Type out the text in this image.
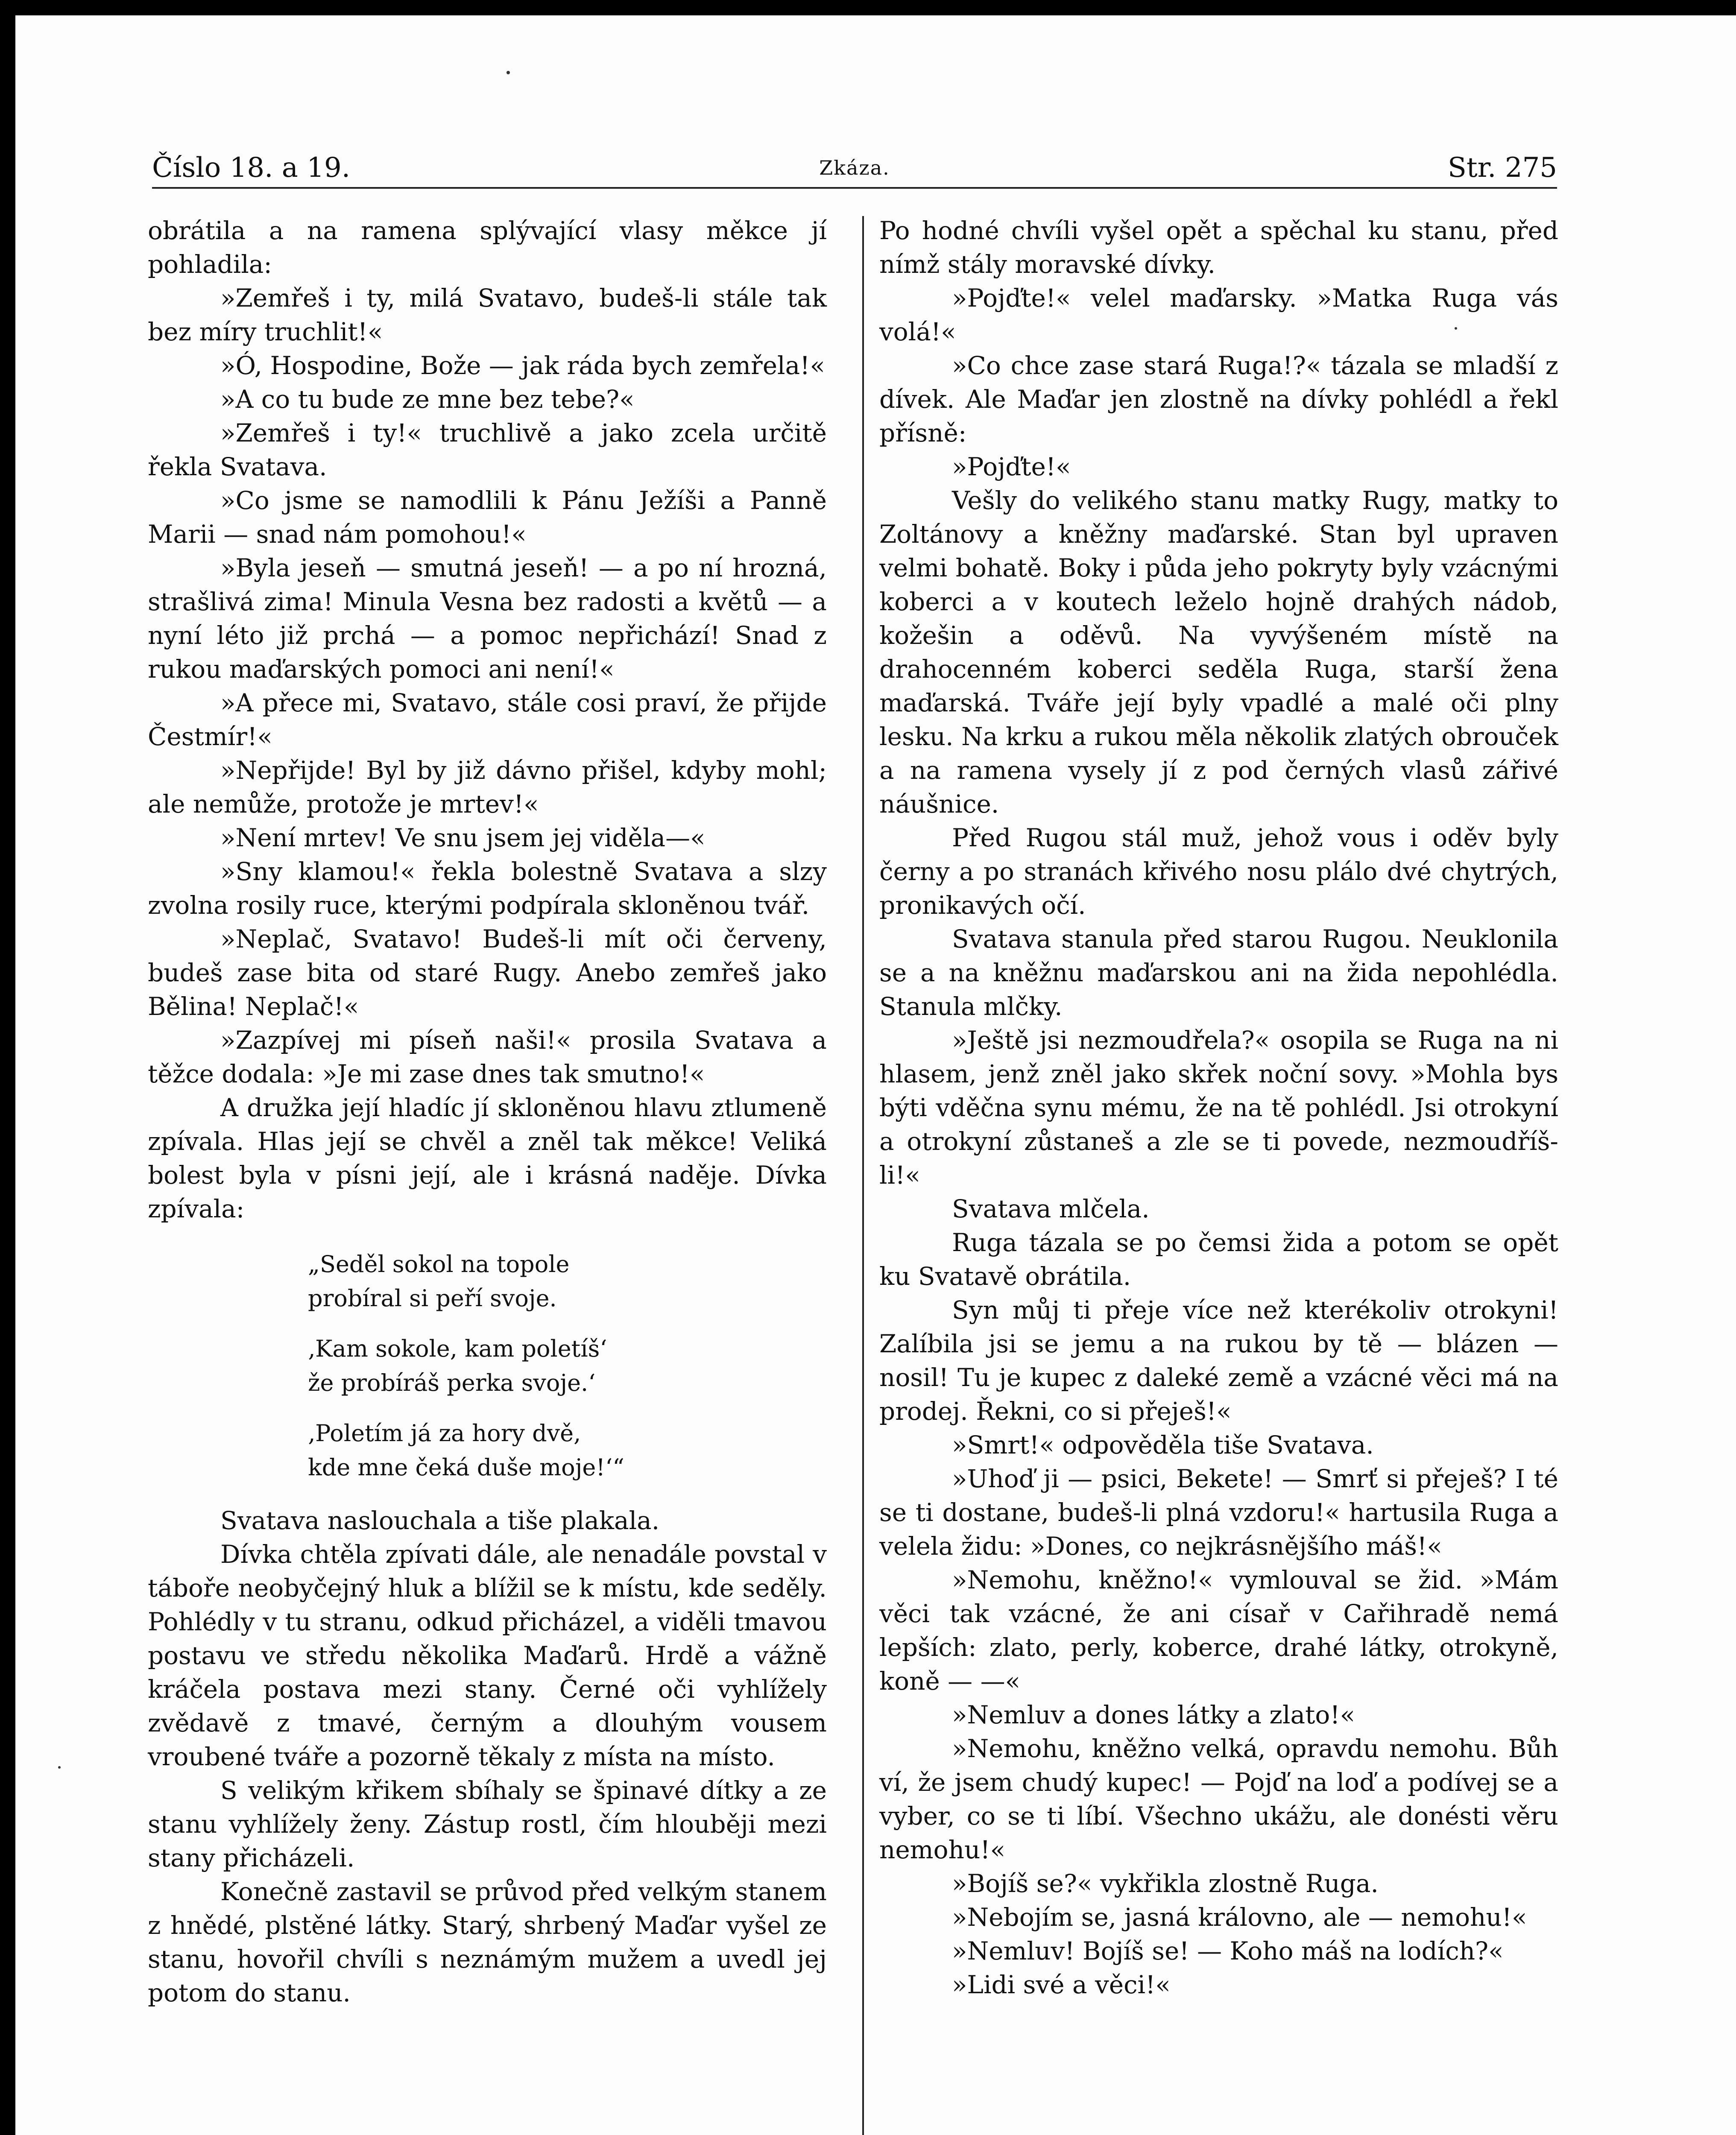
Číslo 18. a 19.	Zkáza.	Str. 275

obrátila a na ramena splývající vlasy měkce jí pohladila:

»Zemřeš i ty, milá Svatavo, budeš-li stále tak bez míry truchlit!«

»Ó, Hospodine, Bože — jak ráda bych zemřela!«

»A co tu bude ze mne bez tebe?«

»Zemřeš i ty!« truchlivě a jako zcela určitě řekla Svatava.

»Co jsme se namodlili k Pánu Ježíši a Panně Marii — snad nám pomohou!«

»Byla jeseň — smutná jeseň! — a po ní hrozná, strašlivá zima! Minula Vesna bez radosti a květů — a nyní léto již prchá — a pomoc nepřichází! Snad z rukou maďarských pomoci ani není!«

»A přece mi, Svatavo, stále cosi praví, že přijde Čestmír!«

»Nepřijde! Byl by již dávno přišel, kdyby mohl; ale nemůže, protože je mrtev!«

»Není mrtev! Ve snu jsem jej viděla—«

»Sny klamou!« řekla bolestně Svatava a slzy zvolna rosily ruce, kterými podpírala skloněnou tvář.

»Neplač, Svatavo! Budeš-li mít oči červeny, budeš zase bita od staré Rugy. Anebo zemřeš jako Bělina! Neplač!«

»Zazpívej mi píseň naši!« prosila Svatava a těžce dodala: »Je mi zase dnes tak smutno!«

A družka její hladíc jí skloněnou hlavu ztlumeně zpívala. Hlas její se chvěl a zněl tak měkce! Veliká bolest byla v písni její, ale i krásná naděje. Dívka zpívala:

„Seděl sokol na topole
probíral si peří svoje.
‚Kam sokole, kam poletíš‘
že probíráš perka svoje.‘
‚Poletím já za hory dvě,
kde mne čeká duše moje!‘“

Svatava naslouchala a tiše plakala.

Dívka chtěla zpívati dále, ale nenadále povstal v táboře neobyčejný hluk a blížil se k místu, kde seděly. Pohlédly v tu stranu, odkud přicházel, a viděli tmavou postavu ve středu několika Maďarů. Hrdě a vážně kráčela postava mezi stany. Černé oči vyhlížely zvědavě z tmavé, černým a dlouhým vousem vroubené tváře a pozorně těkaly z místa na místo.

S velikým křikem sbíhaly se špinavé dítky a ze stanu vyhlížely ženy. Zástup rostl, čím hlouběji mezi stany přicházeli.

Konečně zastavil se průvod před velkým stanem z hnědé, plstěné látky. Starý, shrbený Maďar vyšel ze stanu, hovořil chvíli s neznámým mužem a uvedl jej potom do stanu.

Po hodné chvíli vyšel opět a spěchal ku stanu, před nímž stály moravské dívky.

»Pojďte!« velel maďarsky. »Matka Ruga vás volá!«

»Co chce zase stará Ruga!?« tázala se mladší z dívek. Ale Maďar jen zlostně na dívky pohlédl a řekl přísně:

»Pojďte!«

Vešly do velikého stanu matky Rugy, matky to Zoltánovy a kněžny maďarské. Stan byl upraven velmi bohatě. Boky i půda jeho pokryty byly vzácnými koberci a v koutech leželo hojně drahých nádob, kožešin a oděvů. Na vyvýšeném místě na drahocenném koberci seděla Ruga, starší žena maďarská. Tváře její byly vpadlé a malé oči plny lesku. Na krku a rukou měla několik zlatých obrouček a na ramena vysely jí z pod černých vlasů zářivé náušnice.

Před Rugou stál muž, jehož vous i oděv byly černy a po stranách křivého nosu plálo dvé chytrých, pronikavých očí.

Svatava stanula před starou Rugou. Neuklonila se a na kněžnu maďarskou ani na žida nepohlédla. Stanula mlčky.

»Ještě jsi nezmoudřela?« osopila se Ruga na ni hlasem, jenž zněl jako skřek noční sovy. »Mohla bys býti vděčna synu mému, že na tě pohlédl. Jsi otrokyní a otrokyní zůstaneš a zle se ti povede, nezmoudříš-li!«

Svatava mlčela.

Ruga tázala se po čemsi žida a potom se opět ku Svatavě obrátila.

Syn můj ti přeje více než kterékoliv otrokyni! Zalíbila jsi se jemu a na rukou by tě — blázen — nosil! Tu je kupec z daleké země a vzácné věci má na prodej. Řekni, co si přeješ!«

»Smrt!« odpověděla tiše Svatava.

»Uhoď ji — psici, Bekete! — Smrť si přeješ? I té se ti dostane, budeš-li plná vzdoru!« hartusila Ruga a velela židu: »Dones, co nejkrásnějšího máš!«

»Nemohu, kněžno!« vymlouval se žid. »Mám věci tak vzácné, že ani císař v Cařihradě nemá lepších: zlato, perly, koberce, drahé látky, otrokyně, koně — —«

»Nemluv a dones látky a zlato!«

»Nemohu, kněžno velká, opravdu nemohu. Bůh ví, že jsem chudý kupec! — Pojď na loď a podívej se a vyber, co se ti líbí. Všechno ukážu, ale donésti věru nemohu!«

»Bojíš se?« vykřikla zlostně Ruga.

»Nebojím se, jasná královno, ale — nemohu!«

»Nemluv! Bojíš se! — Koho máš na lodích?«

»Lidi své a věci!«
